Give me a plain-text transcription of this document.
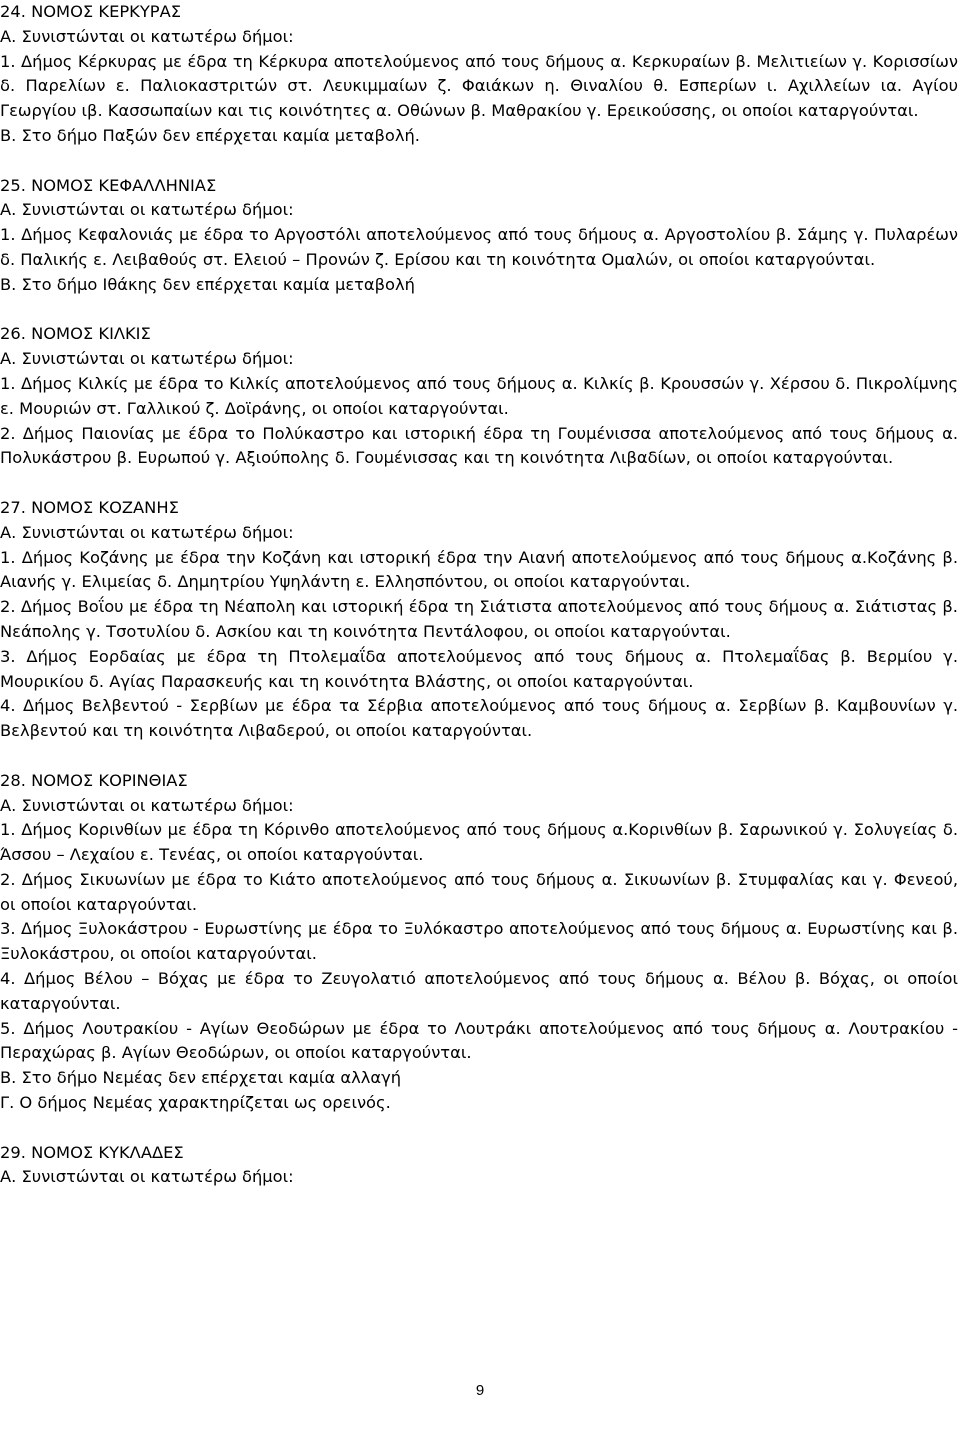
24. ΝΟΜΟΣ ΚΕΡΚΥΡΑΣ
Α. Συνιστώνται οι κατωτέρω δήμοι:
1. Δήμος Κέρκυρας με έδρα τη Κέρκυρα αποτελούμενος από τους δήμους α. Κερκυραίων β. Μελιτιείων γ. Κορισσίων δ. Παρελίων ε. Παλιοκαστριτών στ. Λευκιμμαίων ζ. Φαιάκων η. Θιναλίου θ. Εσπερίων ι. Αχιλλείων ια. Αγίου Γεωργίου ιβ. Κασσωπαίων και τις κοινότητες α. Οθώνων β. Μαθρακίου γ. Ερεικούσσης, οι οποίοι καταργούνται.
Β. Στο δήμο Παξών δεν επέρχεται καμία μεταβολή.
25. ΝΟΜΟΣ ΚΕΦΑΛΛΗΝΙΑΣ
Α. Συνιστώνται οι κατωτέρω δήμοι:
1. Δήμος Κεφαλονιάς με έδρα το Αργοστόλι αποτελούμενος από τους δήμους α. Αργοστολίου β. Σάμης γ. Πυλαρέων δ. Παλικής ε. Λειβαθούς στ. Ελειού – Προνών ζ. Ερίσου και τη κοινότητα Ομαλών, οι οποίοι καταργούνται.
Β. Στο δήμο Ιθάκης δεν επέρχεται καμία μεταβολή
26. ΝΟΜΟΣ ΚΙΛΚΙΣ
Α. Συνιστώνται οι κατωτέρω δήμοι:
1. Δήμος Κιλκίς με έδρα το Κιλκίς αποτελούμενος από τους δήμους α. Κιλκίς β. Κρουσσών γ. Χέρσου δ. Πικρολίμνης ε. Μουριών στ. Γαλλικού ζ. Δοϊράνης, οι οποίοι καταργούνται.
2. Δήμος Παιονίας με έδρα το Πολύκαστρο και ιστορική έδρα τη Γουμένισσα αποτελούμενος από τους δήμους α. Πολυκάστρου β. Ευρωπού γ. Αξιούπολης δ. Γουμένισσας και τη κοινότητα Λιβαδίων, οι οποίοι καταργούνται.
27. ΝΟΜΟΣ ΚΟΖΑΝΗΣ
Α. Συνιστώνται οι κατωτέρω δήμοι:
1. Δήμος Κοζάνης με έδρα την Κοζάνη και ιστορική έδρα την Αιανή αποτελούμενος από τους δήμους α.Κοζάνης β. Αιανής γ. Ελιμείας δ. Δημητρίου Υψηλάντη ε. Ελλησπόντου, οι οποίοι καταργούνται.
2. Δήμος Βοΐου με έδρα τη Νέαπολη και ιστορική έδρα τη Σιάτιστα αποτελούμενος από τους δήμους α. Σιάτιστας β. Νεάπολης γ. Τσοτυλίου δ. Ασκίου και τη κοινότητα Πεντάλοφου, οι οποίοι καταργούνται.
3. Δήμος Εορδαίας με έδρα τη Πτολεμαΐδα αποτελούμενος από τους δήμους α. Πτολεμαΐδας β. Βερμίου γ. Μουρικίου δ. Αγίας Παρασκευής και τη κοινότητα Βλάστης, οι οποίοι καταργούνται.
4. Δήμος Βελβεντού - Σερβίων με έδρα τα Σέρβια αποτελούμενος από τους δήμους α. Σερβίων β. Καμβουνίων γ. Βελβεντού και τη κοινότητα Λιβαδερού, οι οποίοι καταργούνται.
28. ΝΟΜΟΣ ΚΟΡΙΝΘΙΑΣ
Α. Συνιστώνται οι κατωτέρω δήμοι:
1. Δήμος Κορινθίων με έδρα τη Κόρινθο αποτελούμενος από τους δήμους α.Κορινθίων β. Σαρωνικού γ. Σολυγείας δ. Άσσου – Λεχαίου ε. Τενέας, οι οποίοι καταργούνται.
2. Δήμος Σικυωνίων με έδρα το Κιάτο αποτελούμενος από τους δήμους α. Σικυωνίων β. Στυμφαλίας και γ. Φενεού, οι οποίοι καταργούνται.
3. Δήμος Ξυλοκάστρου - Ευρωστίνης με έδρα το Ξυλόκαστρο αποτελούμενος από τους δήμους α. Ευρωστίνης και β. Ξυλοκάστρου, οι οποίοι καταργούνται.
4. Δήμος Βέλου – Βόχας με έδρα το Ζευγολατιό αποτελούμενος από τους δήμους α. Βέλου β. Βόχας, οι οποίοι καταργούνται.
5. Δήμος Λουτρακίου - Αγίων Θεοδώρων με έδρα το Λουτράκι αποτελούμενος από τους δήμους α. Λουτρακίου - Περαχώρας β. Αγίων Θεοδώρων, οι οποίοι καταργούνται.
Β. Στο δήμο Νεμέας δεν επέρχεται καμία αλλαγή
Γ. Ο δήμος Νεμέας χαρακτηρίζεται ως ορεινός.
29. ΝΟΜΟΣ ΚΥΚΛΑΔΕΣ
Α. Συνιστώνται οι κατωτέρω δήμοι:
9
